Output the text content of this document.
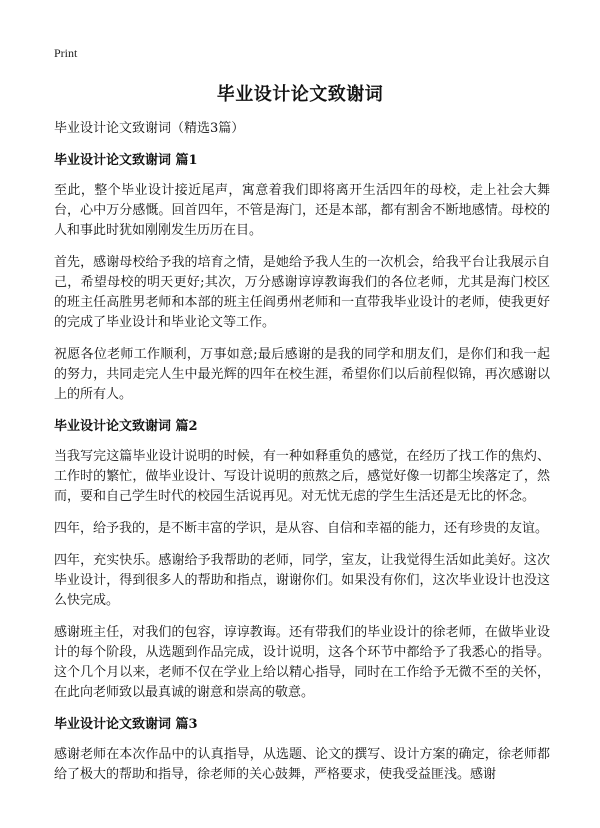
Print
毕业设计论文致谢词

毕业设计论文致谢词（精选3篇）

毕业设计论文致谢词 篇1

至此，整个毕业设计接近尾声，寓意着我们即将离开生活四年的母校，走上社会大舞台，心中万分感慨。回首四年，不管是海门，还是本部，都有割舍不断地感情。母校的人和事此时犹如刚刚发生历历在目。

首先，感谢母校给予我的培育之情，是她给予我人生的一次机会，给我平台让我展示自己，希望母校的明天更好;其次，万分感谢谆谆教诲我们的各位老师，尤其是海门校区的班主任高胜男老师和本部的班主任阎勇州老师和一直带我毕业设计的老师，使我更好的完成了毕业设计和毕业论文等工作。

祝愿各位老师工作顺利，万事如意;最后感谢的是我的同学和朋友们，是你们和我一起的努力，共同走完人生中最光辉的四年在校生涯，希望你们以后前程似锦，再次感谢以上的所有人。

毕业设计论文致谢词 篇2

当我写完这篇毕业设计说明的时候，有一种如释重负的感觉，在经历了找工作的焦灼、工作时的繁忙，做毕业设计、写设计说明的煎熬之后，感觉好像一切都尘埃落定了，然而，要和自己学生时代的校园生活说再见。对无忧无虑的学生生活还是无比的怀念。

四年，给予我的，是不断丰富的学识，是从容、自信和幸福的能力，还有珍贵的友谊。

四年，充实快乐。感谢给予我帮助的老师，同学，室友，让我觉得生活如此美好。这次毕业设计，得到很多人的帮助和指点，谢谢你们。如果没有你们，这次毕业设计也没这么快完成。

感谢班主任，对我们的包容，谆谆教诲。还有带我们的毕业设计的徐老师，在做毕业设计的每个阶段，从选题到作品完成，设计说明，这各个环节中都给予了我悉心的指导。这个几个月以来，老师不仅在学业上给以精心指导，同时在工作给予无微不至的关怀，在此向老师致以最真诚的谢意和崇高的敬意。

毕业设计论文致谢词 篇3

感谢老师在本次作品中的认真指导，从选题、论文的撰写、设计方案的确定，徐老师都给了极大的帮助和指导，徐老师的关心鼓舞，严格要求，使我受益匪浅。感谢
